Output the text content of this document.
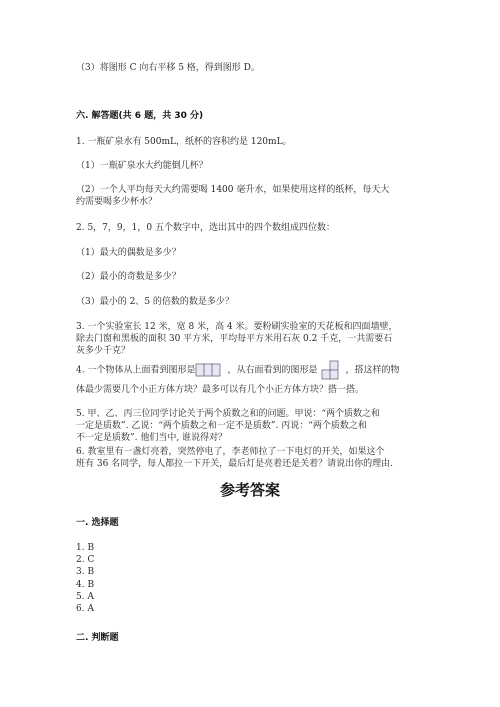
（3）将图形 C 向右平移 5 格，得到图形 D。
六. 解答题(共 6 题，共 30 分)
1. 一瓶矿泉水有 500mL，纸杯的容积约是 120mL。
（1）一瓶矿泉水大约能倒几杯？
（2）一个人平均每天大约需要喝 1400 毫升水，如果使用这样的纸杯，每天大
约需要喝多少杯水？
2. 5，7，9，1，0 五个数字中，选出其中的四个数组成四位数：
（1）最大的偶数是多少？
（2）最小的奇数是多少？
（3）最小的 2、5 的倍数的数是多少？
3. 一个实验室长 12 米，宽 8 米，高 4 米。要粉刷实验室的天花板和四面墙壁，
除去门窗和黑板的面积 30 平方米，平均每平方米用石灰 0.2 千克，一共需要石
灰多少千克？
4. 一个物体从上面看到图形是	，从右面看到的图形是	，搭这样的物
体最少需要几个小正方体方块？最多可以有几个小正方体方块？搭一搭。
5. 甲、乙、丙三位同学讨论关于两个质数之和的问题。甲说：“两个质数之和
一定是质数”. 乙说：“两个质数之和一定不是质数”. 丙说：“两个质数之和
不一定是质数”. 他们当中, 谁说得对？
6. 教室里有一盏灯亮着，突然停电了，李老师拉了一下电灯的开关，如果这个
班有 36 名同学，每人都拉一下开关，最后灯是亮着还是关着？请说出你的理由.
参考答案
一. 选择题
1. B
2. C
3. B
4. B
5. A
6. A
二. 判断题
